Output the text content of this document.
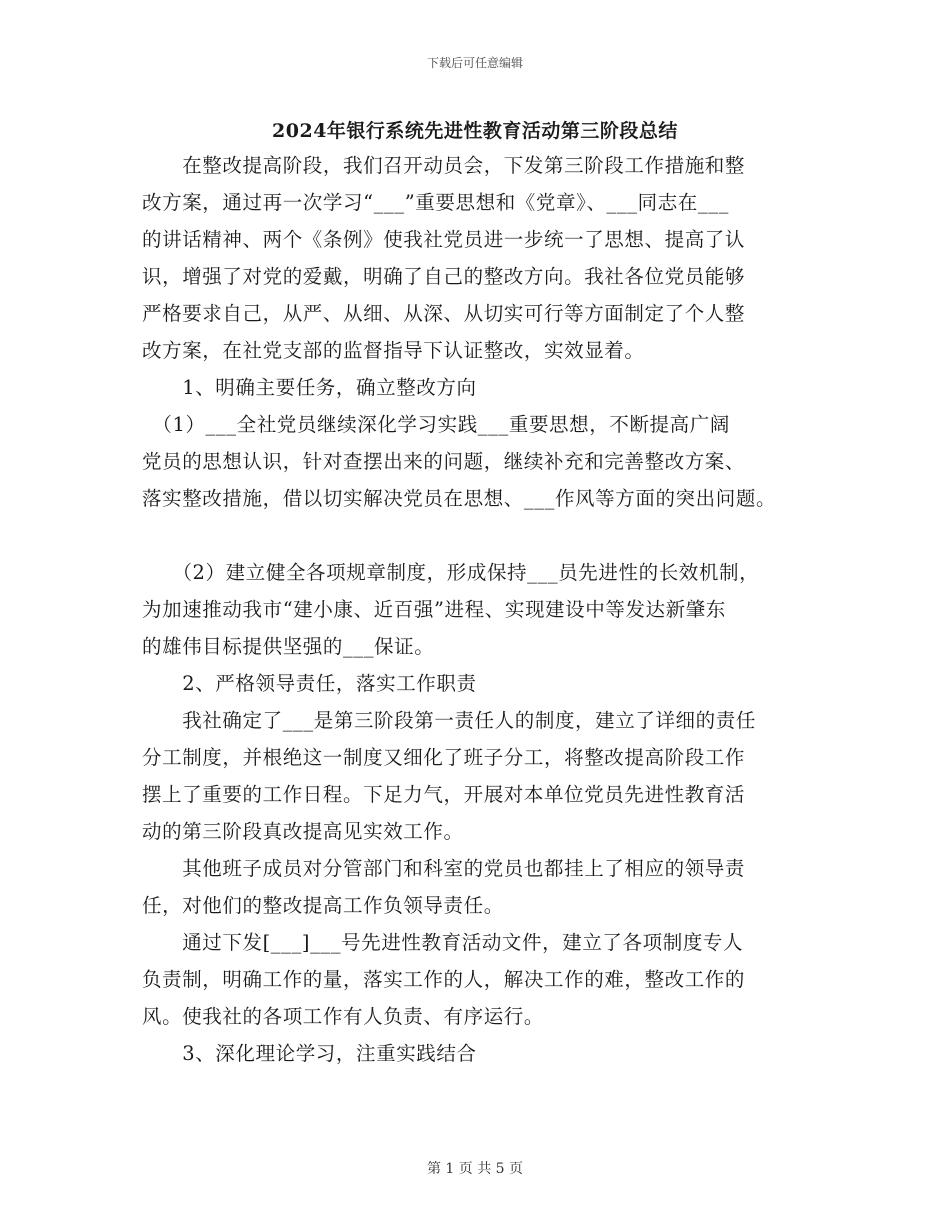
下载后可任意编辑
2024年银行系统先进性教育活动第三阶段总结
　　在整改提高阶段，我们召开动员会，下发第三阶段工作措施和整
改方案，通过再一次学习“___”重要思想和《党章》、___同志在___
的讲话精神、两个《条例》使我社党员进一步统一了思想、提高了认
识，增强了对党的爱戴，明确了自己的整改方向。我社各位党员能够
严格要求自己，从严、从细、从深、从切实可行等方面制定了个人整
改方案，在社党支部的监督指导下认证整改，实效显着。
　　1、明确主要任务，确立整改方向
　（1）___全社党员继续深化学习实践___重要思想，不断提高广阔
党员的思想认识，针对查摆出来的问题，继续补充和完善整改方案、
落实整改措施，借以切实解决党员在思想、___作风等方面的突出问题。
　　（2）建立健全各项规章制度，形成保持___员先进性的长效机制，
为加速推动我市“建小康、近百强”进程、实现建设中等发达新肇东
的雄伟目标提供坚强的___保证。
　　2、严格领导责任，落实工作职责
　　我社确定了___是第三阶段第一责任人的制度，建立了详细的责任
分工制度，并根绝这一制度又细化了班子分工，将整改提高阶段工作
摆上了重要的工作日程。下足力气，开展对本单位党员先进性教育活
动的第三阶段真改提高见实效工作。
　　其他班子成员对分管部门和科室的党员也都挂上了相应的领导责
任，对他们的整改提高工作负领导责任。
　　通过下发[___]___号先进性教育活动文件，建立了各项制度专人
负责制，明确工作的量，落实工作的人，解决工作的难，整改工作的
风。使我社的各项工作有人负责、有序运行。
　　3、深化理论学习，注重实践结合
第 1 页 共 5 页
